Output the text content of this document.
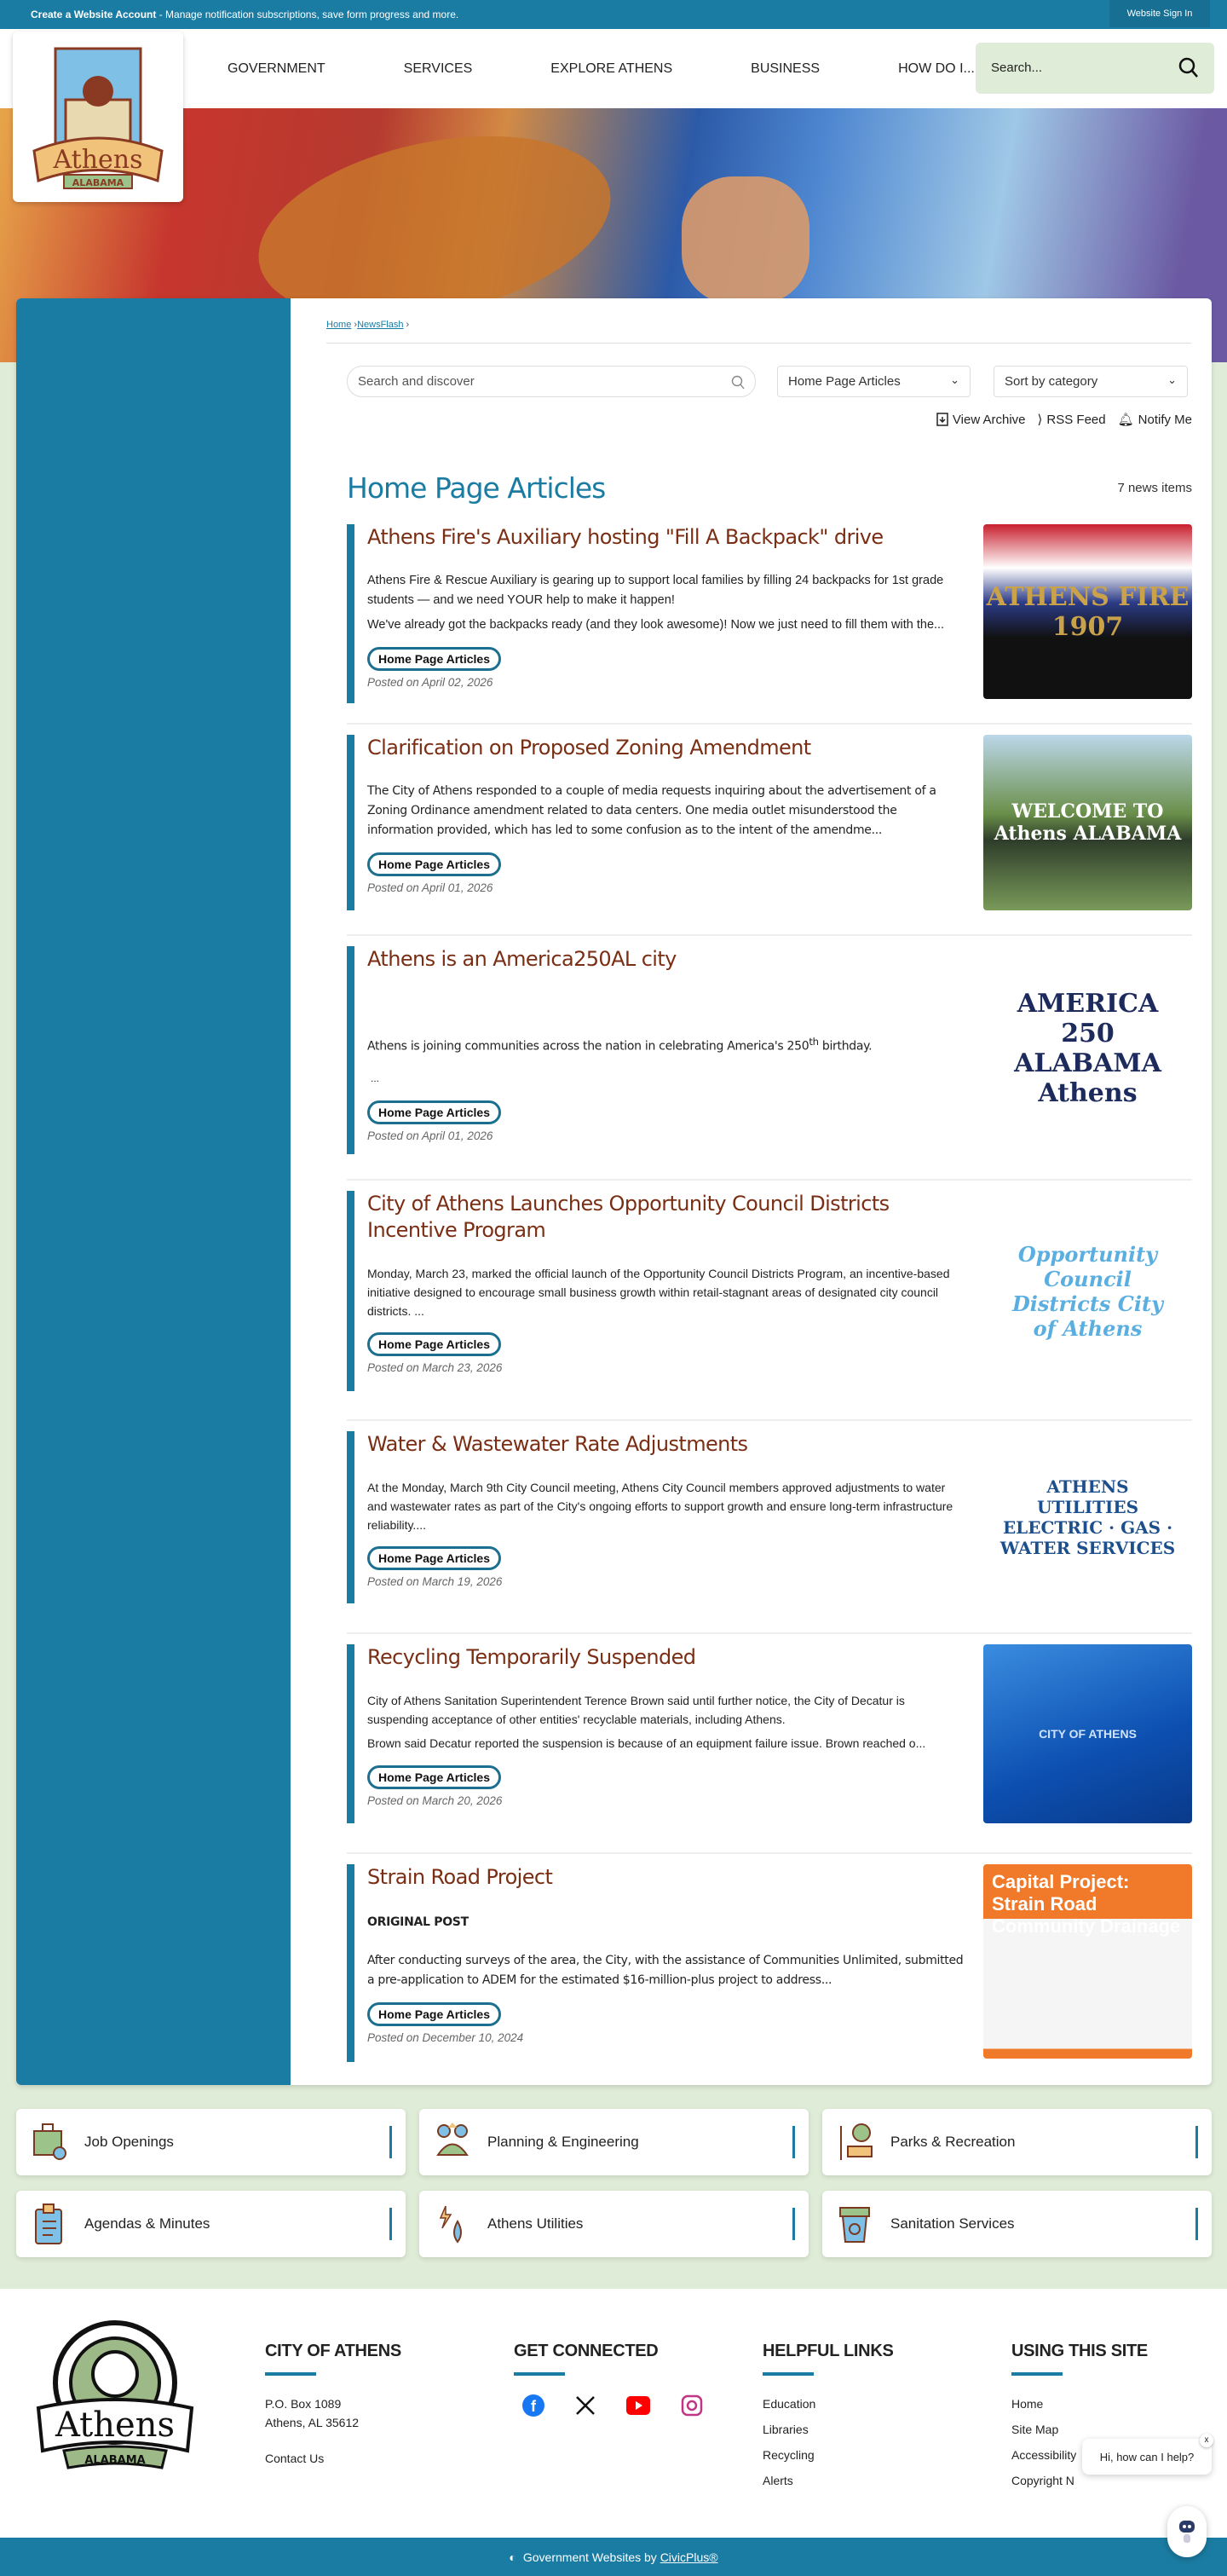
Create a Website Account - Manage notification subscriptions, save form progress and more.	Website Sign In
Athens
ALABAMA
GOVERNMENT	SERVICES	EXPLORE ATHENS	BUSINESS	HOW DO I... Search...
Home ›NewsFlash ›
Search and discover	Home Page Articles	⌄	Sort by category	⌄
View Archive ⟩ RSS Feed 🔔︎ Notify Me
Home Page Articles	7 news items
Athens Fire's Auxiliary hosting "Fill A Backpack" drive

Athens Fire & Rescue Auxiliary is gearing up to support local families by filling 24 backpacks for 1st grade students — and we need YOUR help to make it happen!

We've already got the backpacks ready (and they look awesome)! Now we just need to fill them with the...

Home Page Articles
Posted on April 02, 2026
ATHENS FIRE 1907
Clarification on Proposed Zoning Amendment

The City of Athens responded to a couple of media requests inquiring about the advertisement of a Zoning Ordinance amendment related to data centers. One media outlet misunderstood the information provided, which has led to some confusion as to the intent of the amendme...

Home Page Articles
Posted on April 01, 2026
WELCOME TO Athens ALABAMA
Athens is an America250AL city

Athens is joining communities across the nation in celebrating America's 250th birthday.

...

Home Page Articles
Posted on April 01, 2026
AMERICA 250 ALABAMA Athens
City of Athens Launches Opportunity Council Districts Incentive Program

Monday, March 23, marked the official launch of the Opportunity Council Districts Program, an incentive-based initiative designed to encourage small business growth within retail-stagnant areas of designated city council districts. ...

Home Page Articles
Posted on March 23, 2026
Opportunity Council Districts City of Athens
Water & Wastewater Rate Adjustments

At the Monday, March 9th City Council meeting, Athens City Council members approved adjustments to water and wastewater rates as part of the City's ongoing efforts to support growth and ensure long-term infrastructure reliability....

Home Page Articles
Posted on March 19, 2026
ATHENS UTILITIES ELECTRIC · GAS · WATER SERVICES
Recycling Temporarily Suspended

City of Athens Sanitation Superintendent Terence Brown said until further notice, the City of Decatur is suspending acceptance of other entities' recyclable materials, including Athens.

Brown said Decatur reported the suspension is because of an equipment failure issue. Brown reached o...

Home Page Articles
Posted on March 20, 2026
CITY OF ATHENS
Strain Road Project

ORIGINAL POST

After conducting surveys of the area, the City, with the assistance of Communities Unlimited, submitted a pre-application to ADEM for the estimated $16-million-plus project to address...

Home Page Articles
Posted on December 10, 2024
Capital Project: Strain Road Community Drainage
Job Openings	Planning & Engineering	Parks & Recreation
Agendas & Minutes	Athens Utilities	Sanitation Services
Athens
ALABAMA
CITY OF ATHENS
P.O. Box 1089
Athens, AL 35612
Contact Us
GET CONNECTED
f
HELPFUL LINKS
Education
Libraries
Recycling
Alerts
USING THIS SITE
Home
Site Map
Accessibility
Copyright N
◐ Government Websites by CivicPlus®
Hi, how can I help?
x
